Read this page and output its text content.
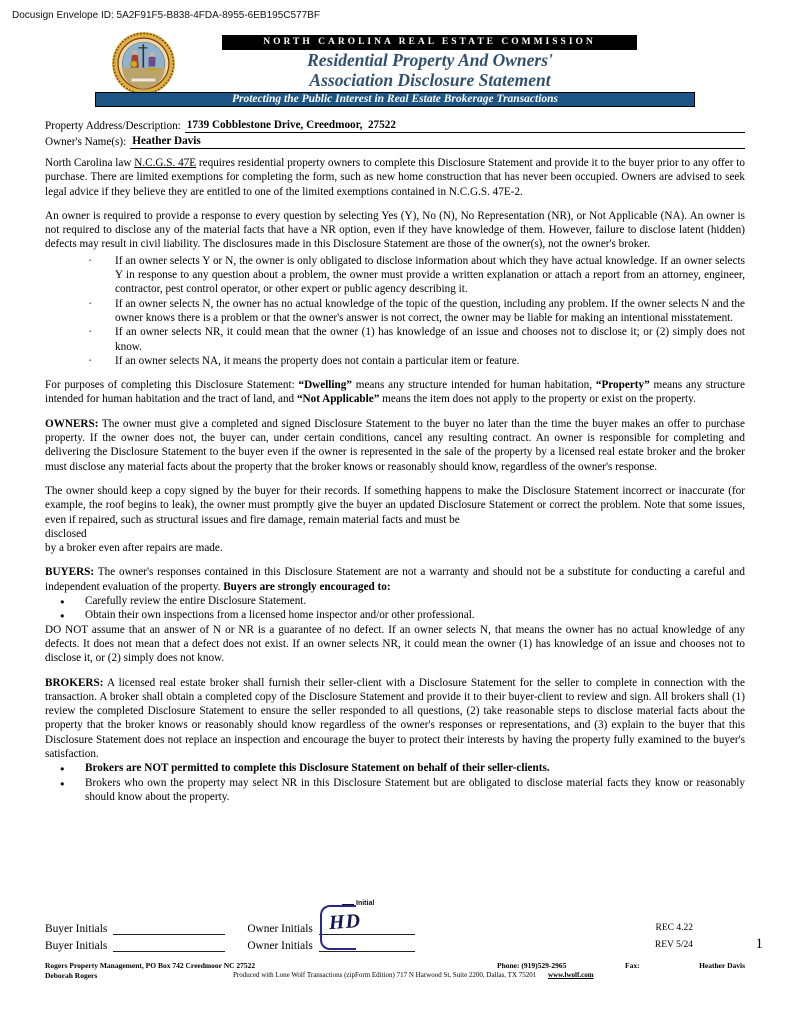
Docusign Envelope ID: 5A2F91F5-B838-4FDA-8955-6EB195C577BF
NORTH CAROLINA REAL ESTATE COMMISSION
Residential Property And Owners'
Association Disclosure Statement
Protecting the Public Interest in Real Estate Brokerage Transactions
Property Address/Description: 1739 Cobblestone Drive, Creedmoor,  27522
Owner's Name(s): Heather Davis
North Carolina law N.C.G.S. 47E requires residential property owners to complete this Disclosure Statement and provide it to the buyer prior to any offer to purchase. There are limited exemptions for completing the form, such as new home construction that has never been occupied. Owners are advised to seek legal advice if they believe they are entitled to one of the limited exemptions contained in N.C.G.S. 47E-2.
An owner is required to provide a response to every question by selecting Yes (Y), No (N), No Representation (NR), or Not Applicable (NA). An owner is not required to disclose any of the material facts that have a NR option, even if they have knowledge of them. However, failure to disclose latent (hidden) defects may result in civil liability. The disclosures made in this Disclosure Statement are those of the owner(s), not the owner's broker.
▪
If an owner selects Y or N, the owner is only obligated to disclose information about which they have actual knowledge. If an owner selects Y in response to any question about a problem, the owner must provide a written explanation or attach a report from an attorney, engineer, contractor, pest control operator, or other expert or public agency describing it.
▪
If an owner selects N, the owner has no actual knowledge of the topic of the question, including any problem. If the owner selects N and the owner knows there is a problem or that the owner's answer is not correct, the owner may be liable for making an intentional misstatement.
▪
If an owner selects NR, it could mean that the owner (1) has knowledge of an issue and chooses not to disclose it; or (2) simply does not know.
▪
If an owner selects NA, it means the property does not contain a particular item or feature.
For purposes of completing this Disclosure Statement: “Dwelling” means any structure intended for human habitation, “Property” means any structure intended for human habitation and the tract of land, and “Not Applicable” means the item does not apply to the property or exist on the property.
OWNERS: The owner must give a completed and signed Disclosure Statement to the buyer no later than the time the buyer makes an offer to purchase property. If the owner does not, the buyer can, under certain conditions, cancel any resulting contract. An owner is responsible for completing and delivering the Disclosure Statement to the buyer even if the owner is represented in the sale of the property by a licensed real estate broker and the broker must disclose any material facts about the property that the broker knows or reasonably should know, regardless of the owner's response.
The owner should keep a copy signed by the buyer for their records. If something happens to make the Disclosure Statement incorrect or inaccurate (for example, the roof begins to leak), the owner must promptly give the buyer an updated Disclosure Statement or correct the problem. Note that some issues, even if repaired, such as structural issues and fire damage, remain material facts and must be
disclosed
by a broker even after repairs are made.
BUYERS: The owner's responses contained in this Disclosure Statement are not a warranty and should not be a substitute for conducting a careful and independent evaluation of the property. Buyers are strongly encouraged to:
●
Carefully review the entire Disclosure Statement.
●
Obtain their own inspections from a licensed home inspector and/or other professional.
DO NOT assume that an answer of N or NR is a guarantee of no defect. If an owner selects N, that means the owner has no actual knowledge of any defects. It does not mean that a defect does not exist. If an owner selects NR, it could mean the owner (1) has knowledge of an issue and chooses not to disclose it, or (2) simply does not know.
BROKERS: A licensed real estate broker shall furnish their seller-client with a Disclosure Statement for the seller to complete in connection with the transaction. A broker shall obtain a completed copy of the Disclosure Statement and provide it to their buyer-client to review and sign. All brokers shall (1) review the completed Disclosure Statement to ensure the seller responded to all questions, (2) take reasonable steps to disclose material facts about the property that the broker knows or reasonably should know regardless of the owner's responses or representations, and (3) explain to the buyer that this Disclosure Statement does not replace an inspection and encourage the buyer to protect their interests by having the property fully examined to the buyer's satisfaction.
●
Brokers are NOT permitted to complete this Disclosure Statement on behalf of their seller-clients.
●
Brokers who own the property may select NR in this Disclosure Statement but are obligated to disclose material facts they know or reasonably should know about the property.
Initial
HD
Buyer Initials	Owner Initials	REC 4.22
Buyer Initials	Owner Initials	REV 5/24	1
Rogers Property Management, PO Box 742 Creedmoor NC 27522	Phone: (919)529-2965	Fax:	Heather Davis
Deborah Rogers	Produced with Lone Wolf Transactions (zipForm Edition) 717 N Harwood St, Suite 2200, Dallas, TX 75201 www.lwolf.com
